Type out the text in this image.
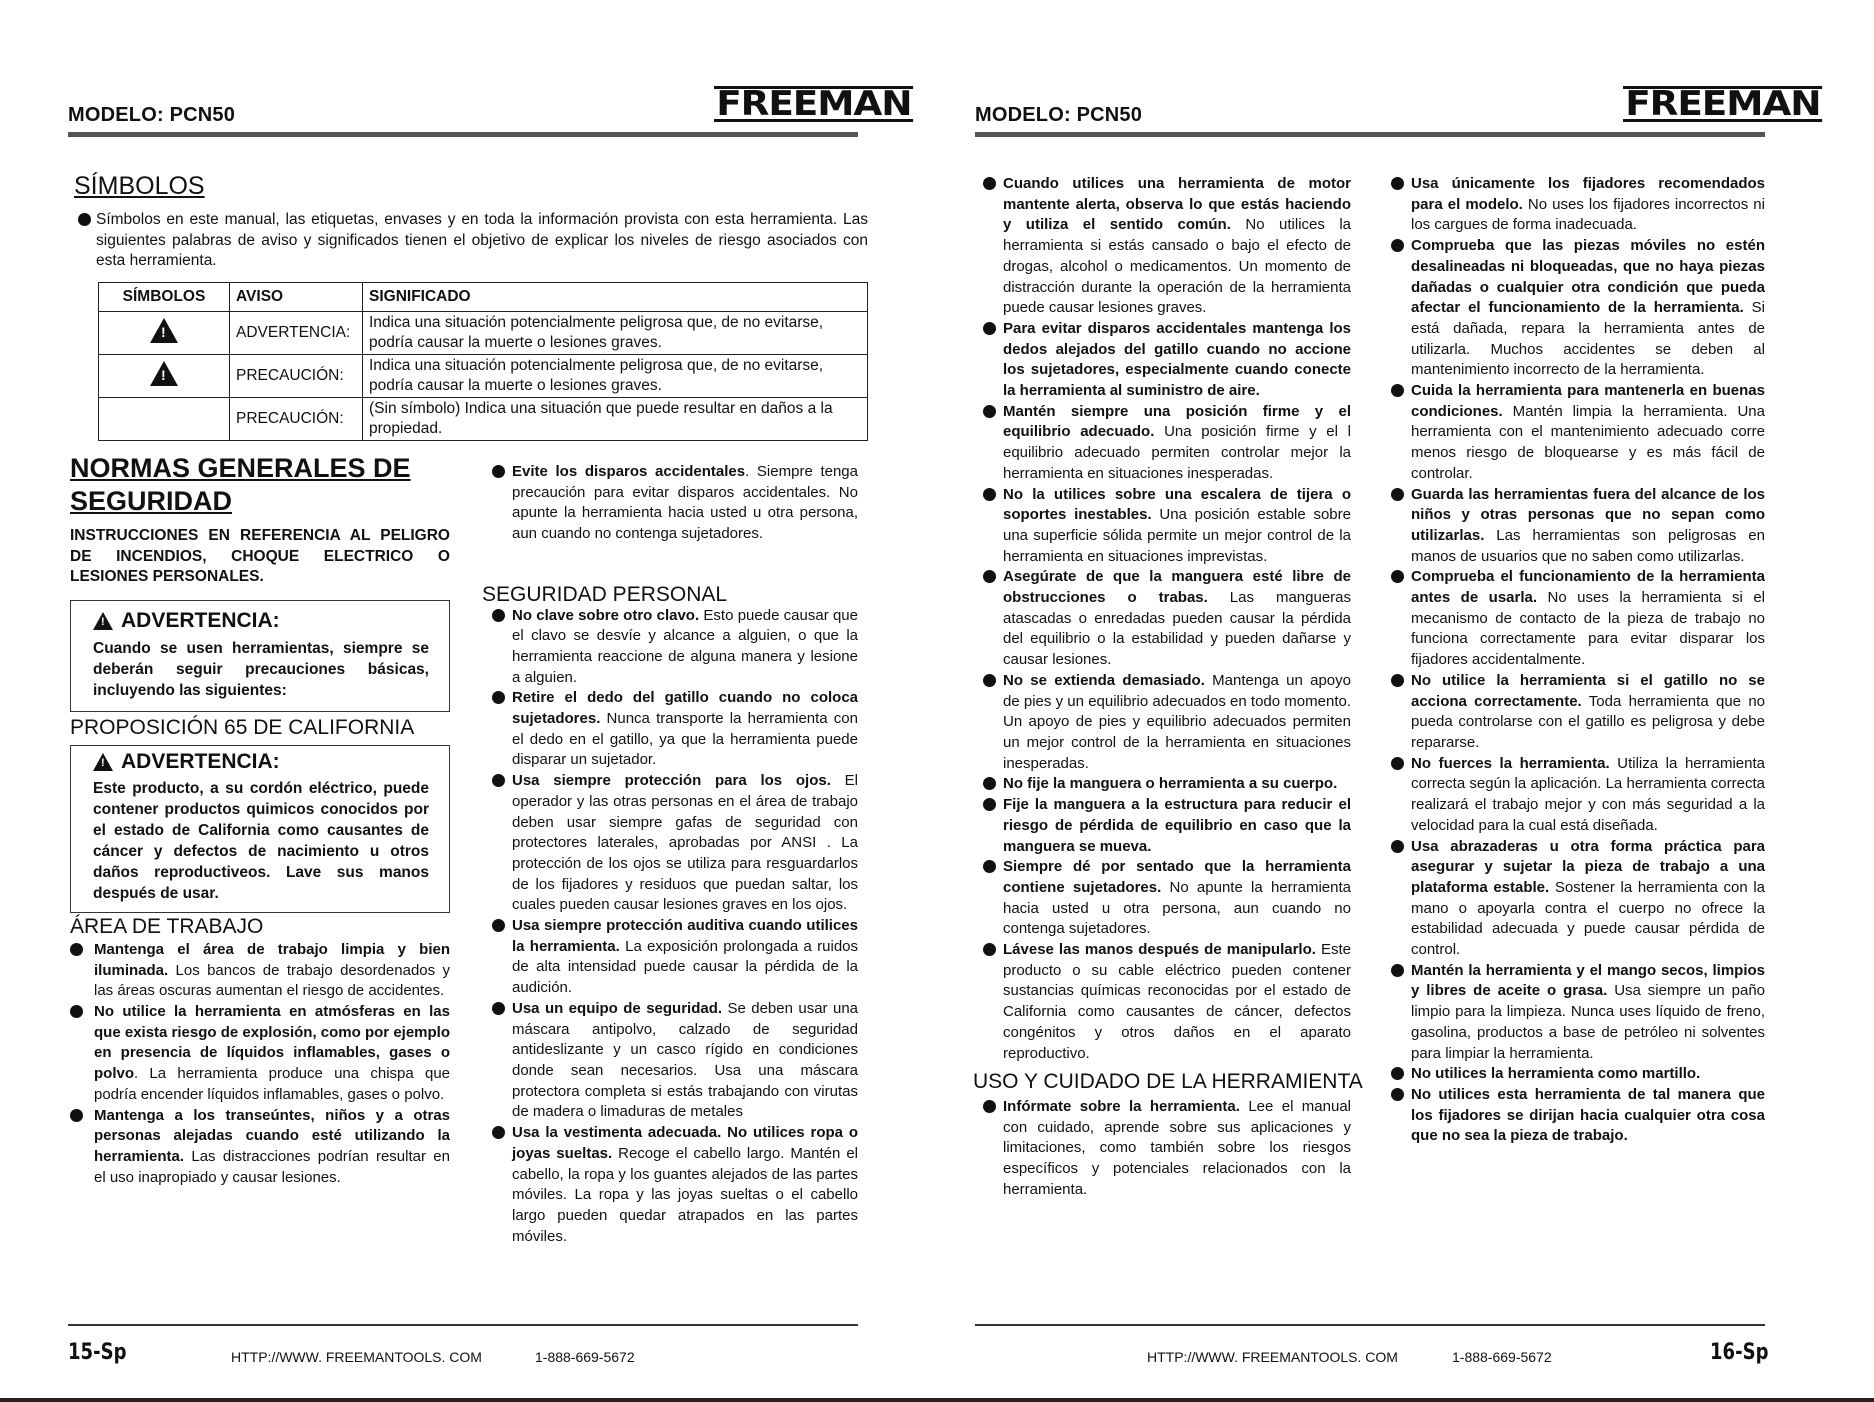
MODELO: PCN50	FREEMAN
SÍMBOLOS
Símbolos en este manual, las etiquetas, envases y en toda la información provista con esta herramienta. Las siguientes palabras de aviso y significados tienen el objetivo de explicar los niveles de riesgo asociados con esta herramienta.
SÍMBOLOS	AVISO	SIGNIFICADO
!	ADVERTENCIA:	Indica una situación potencialmente peligrosa que, de no evitarse, podría causar la muerte o lesiones graves.
!	PRECAUCIÓN:	Indica una situación potencialmente peligrosa que, de no evitarse, podría causar la muerte o lesiones graves.
	PRECAUCIÓN:	(Sin símbolo) Indica una situación que puede resultar en daños a la propiedad.
NORMAS GENERALES DE
SEGURIDAD

INSTRUCCIONES EN REFERENCIA AL PELIGRO DE INCENDIOS, CHOQUE ELECTRICO O LESIONES PERSONALES.

!
ADVERTENCIA:
Cuando se usen herramientas, siempre se deberán seguir precauciones básicas, incluyendo las siguientes:
PROPOSICIÓN 65 DE CALIFORNIA
!
ADVERTENCIA:
Este producto, a su cordón eléctrico, puede contener productos quimicos conocidos por el estado de California como causantes de cáncer y defectos de nacimiento u otros daños reproductiveos. Lave sus manos después de usar.
ÁREA DE TRABAJO
Mantenga el área de trabajo limpia y bien iluminada. Los bancos de trabajo desordenados y las áreas oscuras aumentan el riesgo de accidentes.
No utilice la herramienta en atmósferas en las que exista riesgo de explosión, como por ejemplo en presencia de líquidos inflamables, gases o polvo. La herramienta produce una chispa que podría encender líquidos inflamables, gases o polvo.
Mantenga a los transeúntes, niños y a otras personas alejadas cuando esté utilizando la herramienta. Las distracciones podrían resultar en el uso inapropiado y causar lesiones.
Evite los disparos accidentales. Siempre tenga precaución para evitar disparos accidentales. No apunte la herramienta hacia usted u otra persona, aun cuando no contenga sujetadores.
SEGURIDAD PERSONAL
No clave sobre otro clavo. Esto puede causar que el clavo se desvíe y alcance a alguien, o que la herramienta reaccione de alguna manera y lesione a alguien.
Retire el dedo del gatillo cuando no coloca sujetadores. Nunca transporte la herramienta con el dedo en el gatillo, ya que la herramienta puede disparar un sujetador.
Usa siempre protección para los ojos. El operador y las otras personas en el área de trabajo deben usar siempre gafas de seguridad con protectores laterales, aprobadas por ANSI . La protección de los ojos se utiliza para resguardarlos de los fijadores y residuos que puedan saltar, los cuales pueden causar lesiones graves en los ojos.
Usa siempre protección auditiva cuando utilices la herramienta. La exposición prolongada a ruidos de alta intensidad puede causar la pérdida de la audición.
Usa un equipo de seguridad. Se deben usar una máscara antipolvo, calzado de seguridad antideslizante y un casco rígido en condiciones donde sean necesarios. Usa una máscara protectora completa si estás trabajando con virutas de madera o limaduras de metales
Usa la vestimenta adecuada. No utilices ropa o joyas sueltas. Recoge el cabello largo. Mantén el cabello, la ropa y los guantes alejados de las partes móviles. La ropa y las joyas sueltas o el cabello largo pueden quedar atrapados en las partes móviles.
15-Sp	HTTP://WWW. FREEMANTOOLS. COM	1-888-669-5672
MODELO: PCN50	FREEMAN
Cuando utilices una herramienta de motor mantente alerta, observa lo que estás haciendo y utiliza el sentido común. No utilices la herramienta si estás cansado o bajo el efecto de drogas, alcohol o medicamentos. Un momento de distracción durante la operación de la herramienta puede causar lesiones graves.
Para evitar disparos accidentales mantenga los dedos alejados del gatillo cuando no accione los sujetadores, especialmente cuando conecte la herramienta al suministro de aire.
Mantén siempre una posición firme y el equilibrio adecuado. Una posición firme y el l equilibrio adecuado permiten controlar mejor la herramienta en situaciones inesperadas.
No la utilices sobre una escalera de tijera o soportes inestables. Una posición estable sobre una superficie sólida permite un mejor control de la herramienta en situaciones imprevistas.
Asegúrate de que la manguera esté libre de obstrucciones o trabas. Las mangueras atascadas o enredadas pueden causar la pérdida del equilibrio o la estabilidad y pueden dañarse y causar lesiones.
No se extienda demasiado. Mantenga un apoyo de pies y un equilibrio adecuados en todo momento. Un apoyo de pies y equilibrio adecuados permiten un mejor control de la herramienta en situaciones inesperadas.
No fije la manguera o herramienta a su cuerpo.
Fije la manguera a la estructura para reducir el riesgo de pérdida de equilibrio en caso que la manguera se mueva.
Siempre dé por sentado que la herramienta contiene sujetadores. No apunte la herramienta hacia usted u otra persona, aun cuando no contenga sujetadores.
Lávese las manos después de manipularlo. Este producto o su cable eléctrico pueden contener sustancias químicas reconocidas por el estado de California como causantes de cáncer, defectos congénitos y otros daños en el aparato reproductivo.
USO Y CUIDADO DE LA HERRAMIENTA
Infórmate sobre la herramienta. Lee el manual con cuidado, aprende sobre sus aplicaciones y limitaciones, como también sobre los riesgos específicos y potenciales relacionados con la herramienta.
Usa únicamente los fijadores recomendados para el modelo. No uses los fijadores incorrectos ni los cargues de forma inadecuada.
Comprueba que las piezas móviles no estén desalineadas ni bloqueadas, que no haya piezas dañadas o cualquier otra condición que pueda afectar el funcionamiento de la herramienta. Si está dañada, repara la herramienta antes de utilizarla. Muchos accidentes se deben al mantenimiento incorrecto de la herramienta.
Cuida la herramienta para mantenerla en buenas condiciones. Mantén limpia la herramienta. Una herramienta con el mantenimiento adecuado corre menos riesgo de bloquearse y es más fácil de controlar.
Guarda las herramientas fuera del alcance de los niños y otras personas que no sepan como utilizarlas. Las herramientas son peligrosas en manos de usuarios que no saben como utilizarlas.
Comprueba el funcionamiento de la herramienta antes de usarla. No uses la herramienta si el mecanismo de contacto de la pieza de trabajo no funciona correctamente para evitar disparar los fijadores accidentalmente.
No utilice la herramienta si el gatillo no se acciona correctamente. Toda herramienta que no pueda controlarse con el gatillo es peligrosa y debe repararse.
No fuerces la herramienta. Utiliza la herramienta correcta según la aplicación. La herramienta correcta realizará el trabajo mejor y con más seguridad a la velocidad para la cual está diseñada.
Usa abrazaderas u otra forma práctica para asegurar y sujetar la pieza de trabajo a una plataforma estable. Sostener la herramienta con la mano o apoyarla contra el cuerpo no ofrece la estabilidad adecuada y puede causar pérdida de control.
Mantén la herramienta y el mango secos, limpios y libres de aceite o grasa. Usa siempre un paño limpio para la limpieza. Nunca uses líquido de freno, gasolina, productos a base de petróleo ni solventes para limpiar la herramienta.
No utilices la herramienta como martillo.
No utilices esta herramienta de tal manera que los fijadores se dirijan hacia cualquier otra cosa que no sea la pieza de trabajo.
HTTP://WWW. FREEMANTOOLS. COM	1-888-669-5672	16-Sp
